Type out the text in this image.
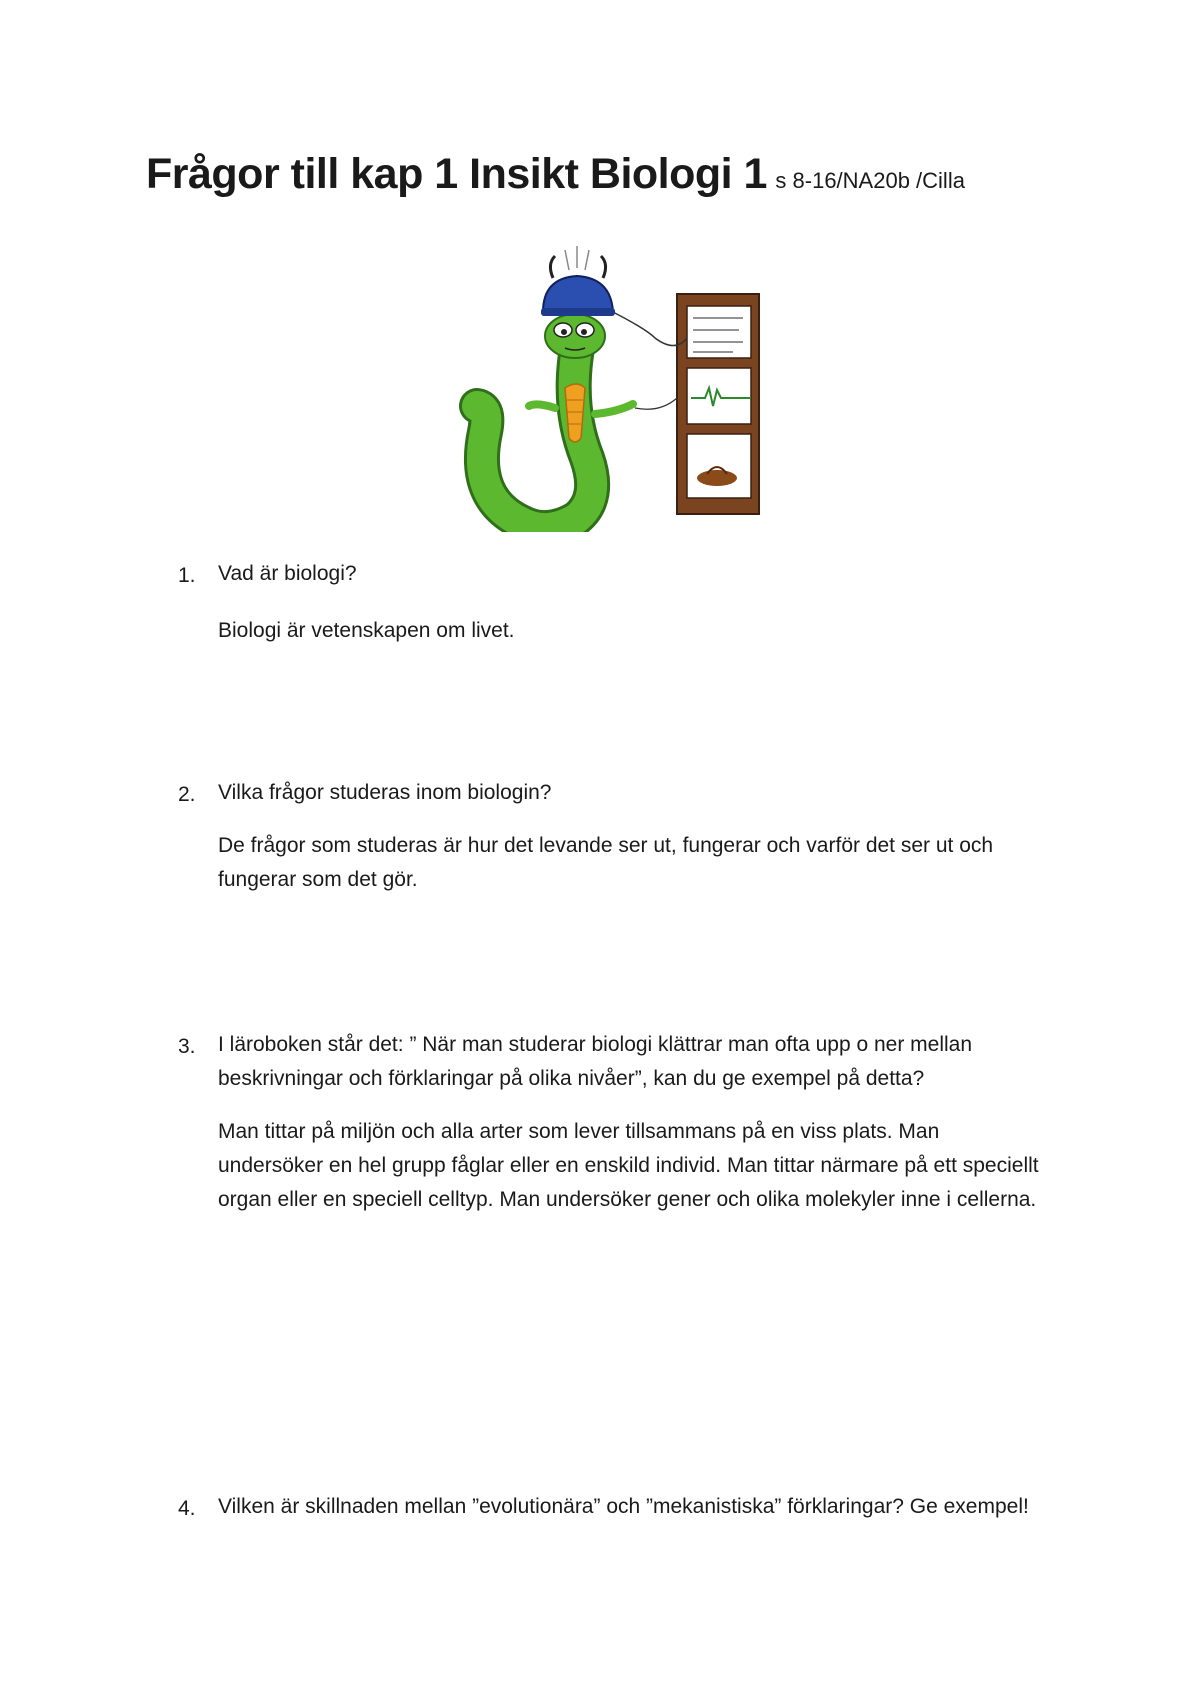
Frågor till kap 1 Insikt Biologi 1 s 8-16/NA20b /Cilla
1.	Vad är biologi?
Biologi är vetenskapen om livet.
2.	Vilka frågor studeras inom biologin?
De frågor som studeras är hur det levande ser ut, fungerar och varför det ser ut och fungerar som det gör.
3.	I läroboken står det: ” När man studerar biologi klättrar man ofta upp o ner mellan beskrivningar och förklaringar på olika nivåer”, kan du ge exempel på detta?
Man tittar på miljön och alla arter som lever tillsammans på en viss plats. Man undersöker en hel grupp fåglar eller en enskild individ. Man tittar närmare på ett speciellt organ eller en speciell celltyp. Man undersöker gener och olika molekyler inne i cellerna.
4.	Vilken är skillnaden mellan ”evolutionära” och ”mekanistiska” förklaringar? Ge exempel!
